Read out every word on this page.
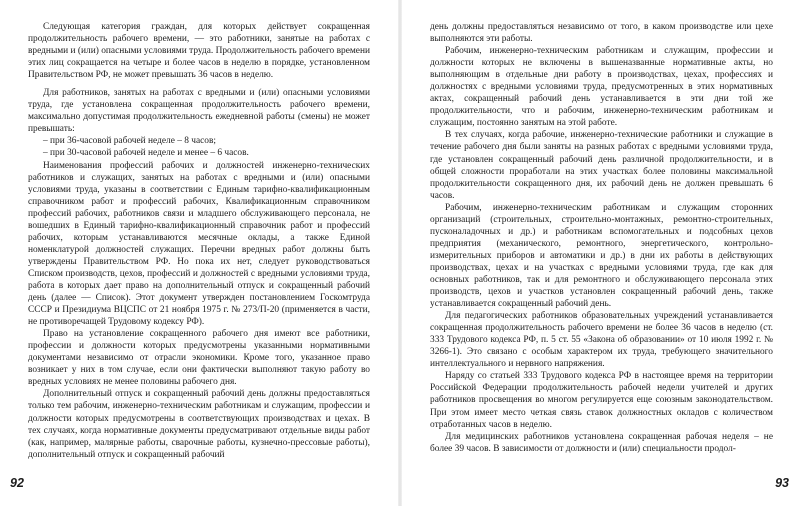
Следующая категория граждан, для которых действует сокращенная продолжительность рабочего времени, — это работники, занятые на работах с вредными и (или) опасными условиями труда. Продолжительность рабочего времени этих лиц сокращается на четыре и более часов в неделю в порядке, установленном Правительством РФ, не может превышать 36 часов в неделю.

Для работников, занятых на работах с вредными и (или) опасными условиями труда, где установлена сокращенная продолжительность рабочего времени, максимально допустимая продолжительность ежедневной работы (смены) не может превышать:

– при 36-часовой рабочей неделе – 8 часов;

– при 30-часовой рабочей неделе и менее – 6 часов.

Наименования профессий рабочих и должностей инженерно-технических работников и служащих, занятых на работах с вредными и (или) опасными условиями труда, указаны в соответствии с Единым тарифно-квалификационным справочником работ и профессий рабочих, Квалификационным справочником профессий рабочих, работников связи и младшего обслуживающего персонала, не вошедших в Единый тарифно-квалификационный справочник работ и профессий рабочих, которым устанавливаются месячные оклады, а также Единой номенклатурой должностей служащих. Перечни вредных работ должны быть утверждены Правительством РФ. Но пока их нет, следует руководствоваться Списком производств, цехов, профессий и должностей с вредными условиями труда, работа в которых дает право на дополнительный отпуск и сокращенный рабочий день (далее — Список). Этот документ утвержден постановлением Госкомтруда СССР и Президиума ВЦСПС от 21 ноября 1975 г. № 273/П-20 (применяется в части, не противоречащей Трудовому кодексу РФ).

Право на установление сокращенного рабочего дня имеют все работники, профессии и должности которых предусмотрены указанными нормативными документами независимо от отрасли экономики. Кроме того, указанное право возникает у них в том случае, если они фактически выполняют такую работу во вредных условиях не менее половины рабочего дня.

Дополнительный отпуск и сокращенный рабочий день должны предоставляться только тем рабочим, инженерно-техническим работникам и служащим, профессии и должности которых предусмотрены в соответствующих производствах и цехах. В тех случаях, когда нормативные документы предусматривают отдельные виды работ (как, например, малярные работы, сварочные работы, кузнечно-прессовые работы), дополнительный отпуск и сокращенный рабочий

92

день должны предоставляться независимо от того, в каком производстве или цехе выполняются эти работы.

Рабочим, инженерно-техническим работникам и служащим, профессии и должности которых не включены в вышеназванные нормативные акты, но выполняющим в отдельные дни работу в производствах, цехах, профессиях и должностях с вредными условиями труда, предусмотренных в этих нормативных актах, сокращенный рабочий день устанавливается в эти дни той же продолжительности, что и рабочим, инженерно-техническим работникам и служащим, постоянно занятым на этой работе.

В тех случаях, когда рабочие, инженерно-технические работники и служащие в течение рабочего дня были заняты на разных работах с вредными условиями труда, где установлен сокращенный рабочий день различной продолжительности, и в общей сложности проработали на этих участках более половины максимальной продолжительности сокращенного дня, их рабочий день не должен превышать 6 часов.

Рабочим, инженерно-техническим работникам и служащим сторонних организаций (строительных, строительно-монтажных, ремонтно-строительных, пусконаладочных и др.) и работникам вспомогательных и подсобных цехов предприятия (механического, ремонтного, энергетического, контрольно-измерительных приборов и автоматики и др.) в дни их работы в действующих производствах, цехах и на участках с вредными условиями труда, где как для основных работников, так и для ремонтного и обслуживающего персонала этих производств, цехов и участков установлен сокращенный рабочий день, также устанавливается сокращенный рабочий день.

Для педагогических работников образовательных учреждений устанавливается сокращенная продолжительность рабочего времени не более 36 часов в неделю (ст. 333 Трудового кодекса РФ, п. 5 ст. 55 «Закона об образовании» от 10 июля 1992 г. № 3266-1). Это связано с особым характером их труда, требующего значительного интеллектуального и нервного напряжения.

Наряду со статьей 333 Трудового кодекса РФ в настоящее время на территории Российской Федерации продолжительность рабочей недели учителей и других работников просвещения во многом регулируется еще союзным законодательством. При этом имеет место четкая связь ставок должностных окладов с количеством отработанных часов в неделю.

Для медицинских работников установлена сокращенная рабочая неделя – не более 39 часов. В зависимости от должности и (или) специальности продол-

93
